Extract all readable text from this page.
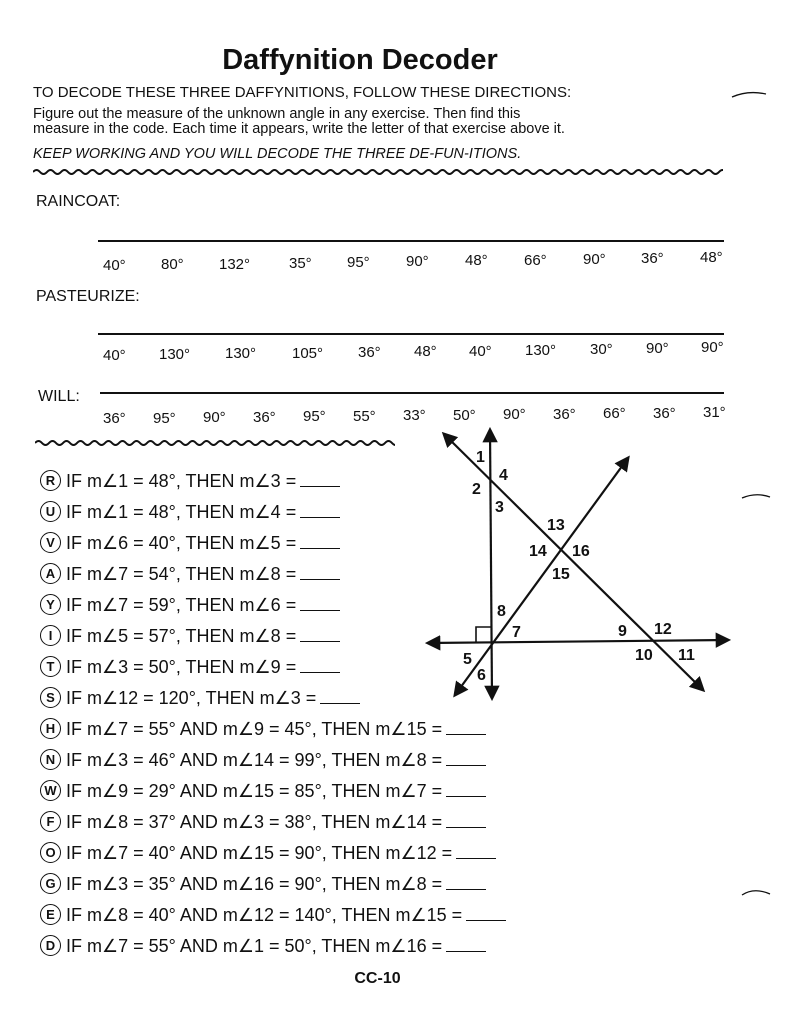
Daffynition Decoder
TO DECODE THESE THREE DAFFYNITIONS, FOLLOW THESE DIRECTIONS:
Figure out the measure of the unknown angle in any exercise. Then find this
measure in the code. Each time it appears, write the letter of that exercise above it.
KEEP WORKING AND YOU WILL DECODE THE THREE DE-FUN-ITIONS.
RAINCOAT:
40° 80° 132°	35° 95° 90° 48° 66° 90° 36° 48°
PASTEURIZE:
40° 130° 130° 105° 36° 48° 40° 130° 30° 90° 90°
WILL:
36° 95° 90° 36° 95° 55° 33° 50° 90° 36° 66° 36° 31°
R IF m∠1 = 48°, THEN m∠3 =
U IF m∠1 = 48°, THEN m∠4 =
V IF m∠6 = 40°, THEN m∠5 =
A IF m∠7 = 54°, THEN m∠8 =
Y IF m∠7 = 59°, THEN m∠6 =
I IF m∠5 = 57°, THEN m∠8 =
T IF m∠3 = 50°, THEN m∠9 =
S IF m∠12 = 120°, THEN m∠3 =
H IF m∠7 = 55° AND m∠9 = 45°, THEN m∠15 =
N IF m∠3 = 46° AND m∠14 = 99°, THEN m∠8 =
W IF m∠9 = 29° AND m∠15 = 85°, THEN m∠7 =
F IF m∠8 = 37° AND m∠3 = 38°, THEN m∠14 =
O IF m∠7 = 40° AND m∠15 = 90°, THEN m∠12 =
G IF m∠3 = 35° AND m∠16 = 90°, THEN m∠8 =
E IF m∠8 = 40° AND m∠12 = 140°, THEN m∠15 =
D IF m∠7 = 55° AND m∠1 = 50°, THEN m∠16 =
1
2
3
4
5
6
7
8
9
10 11
12
13
14
15
16
CC-10
